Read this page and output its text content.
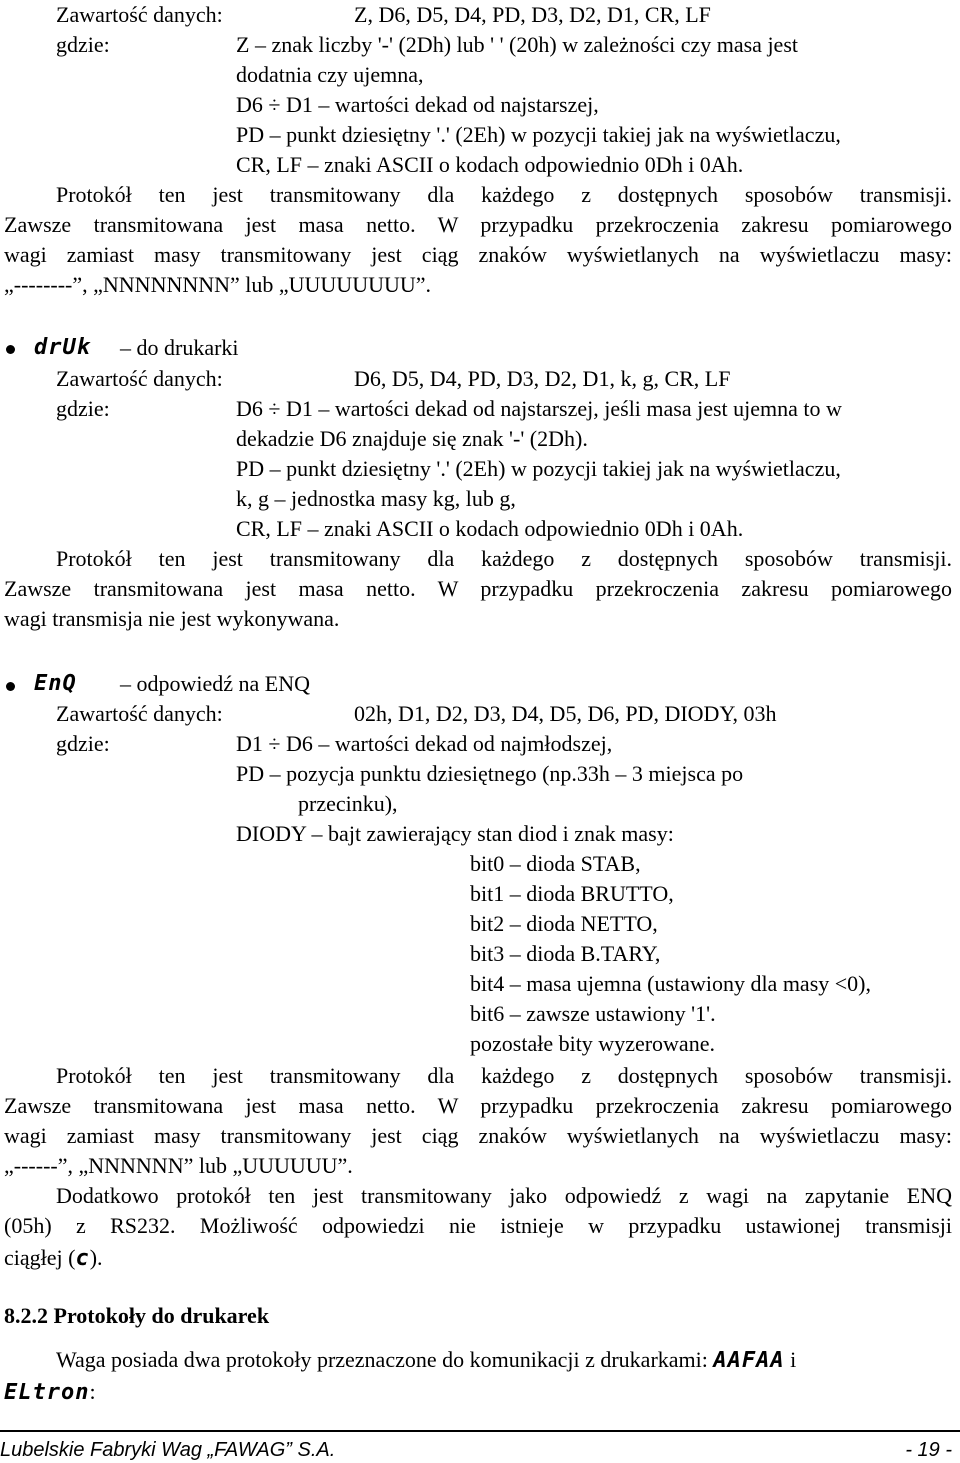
Zawartość danych:	Z, D6, D5, D4, PD, D3, D2, D1, CR, LF
gdzie:	Z – znak liczby '-' (2Dh) lub ' ' (20h) w zależności czy masa jest
dodatnia czy ujemna,
D6 ÷ D1 – wartości dekad od najstarszej,
PD – punkt dziesiętny '.' (2Eh) w pozycji takiej jak na wyświetlaczu,
CR, LF – znaki ASCII o kodach odpowiednio 0Dh i 0Ah.
Protokół ten jest transmitowany dla każdego z dostępnych sposobów transmisji.
Zawsze transmitowana jest masa netto. W przypadku przekroczenia zakresu pomiarowego
wagi zamiast masy transmitowany jest ciąg znaków wyświetlanych na wyświetlaczu masy:
„--------”, „NNNNNNNN” lub „UUUUUUUU”.
drUk – do drukarki
Zawartość danych:	D6, D5, D4, PD, D3, D2, D1, k, g, CR, LF
gdzie:	D6 ÷ D1 – wartości dekad od najstarszej, jeśli masa jest ujemna to w
dekadzie D6 znajduje się znak '-' (2Dh).
PD – punkt dziesiętny '.' (2Eh) w pozycji takiej jak na wyświetlaczu,
k, g – jednostka masy kg, lub g,
CR, LF – znaki ASCII o kodach odpowiednio 0Dh i 0Ah.
Protokół ten jest transmitowany dla każdego z dostępnych sposobów transmisji.
Zawsze transmitowana jest masa netto. W przypadku przekroczenia zakresu pomiarowego
wagi transmisja nie jest wykonywana.
EnQ – odpowiedź na ENQ
Zawartość danych:	02h, D1, D2, D3, D4, D5, D6, PD, DIODY, 03h
gdzie:	D1 ÷ D6 – wartości dekad od najmłodszej,
PD – pozycja punktu dziesiętnego (np.33h – 3 miejsca po
przecinku),
DIODY – bajt zawierający stan diod i znak masy:
bit0 – dioda STAB,
bit1 – dioda BRUTTO,
bit2 – dioda NETTO,
bit3 – dioda B.TARY,
bit4 – masa ujemna (ustawiony dla masy <0),
bit6 – zawsze ustawiony '1'.
pozostałe bity wyzerowane.
Protokół ten jest transmitowany dla każdego z dostępnych sposobów transmisji.
Zawsze transmitowana jest masa netto. W przypadku przekroczenia zakresu pomiarowego
wagi zamiast masy transmitowany jest ciąg znaków wyświetlanych na wyświetlaczu masy:
„------”, „NNNNNN” lub „UUUUUU”.
Dodatkowo protokół ten jest transmitowany jako odpowiedź z wagi na zapytanie ENQ
(05h) z RS232. Możliwość odpowiedzi nie istnieje w przypadku ustawionej transmisji
ciągłej (c).
8.2.2 Protokoły do drukarek
Waga posiada dwa protokoły przeznaczone do komunikacji z drukarkami: AAFAA i
ELtron:
Lubelskie Fabryki Wag „FAWAG” S.A.	- 19 -
